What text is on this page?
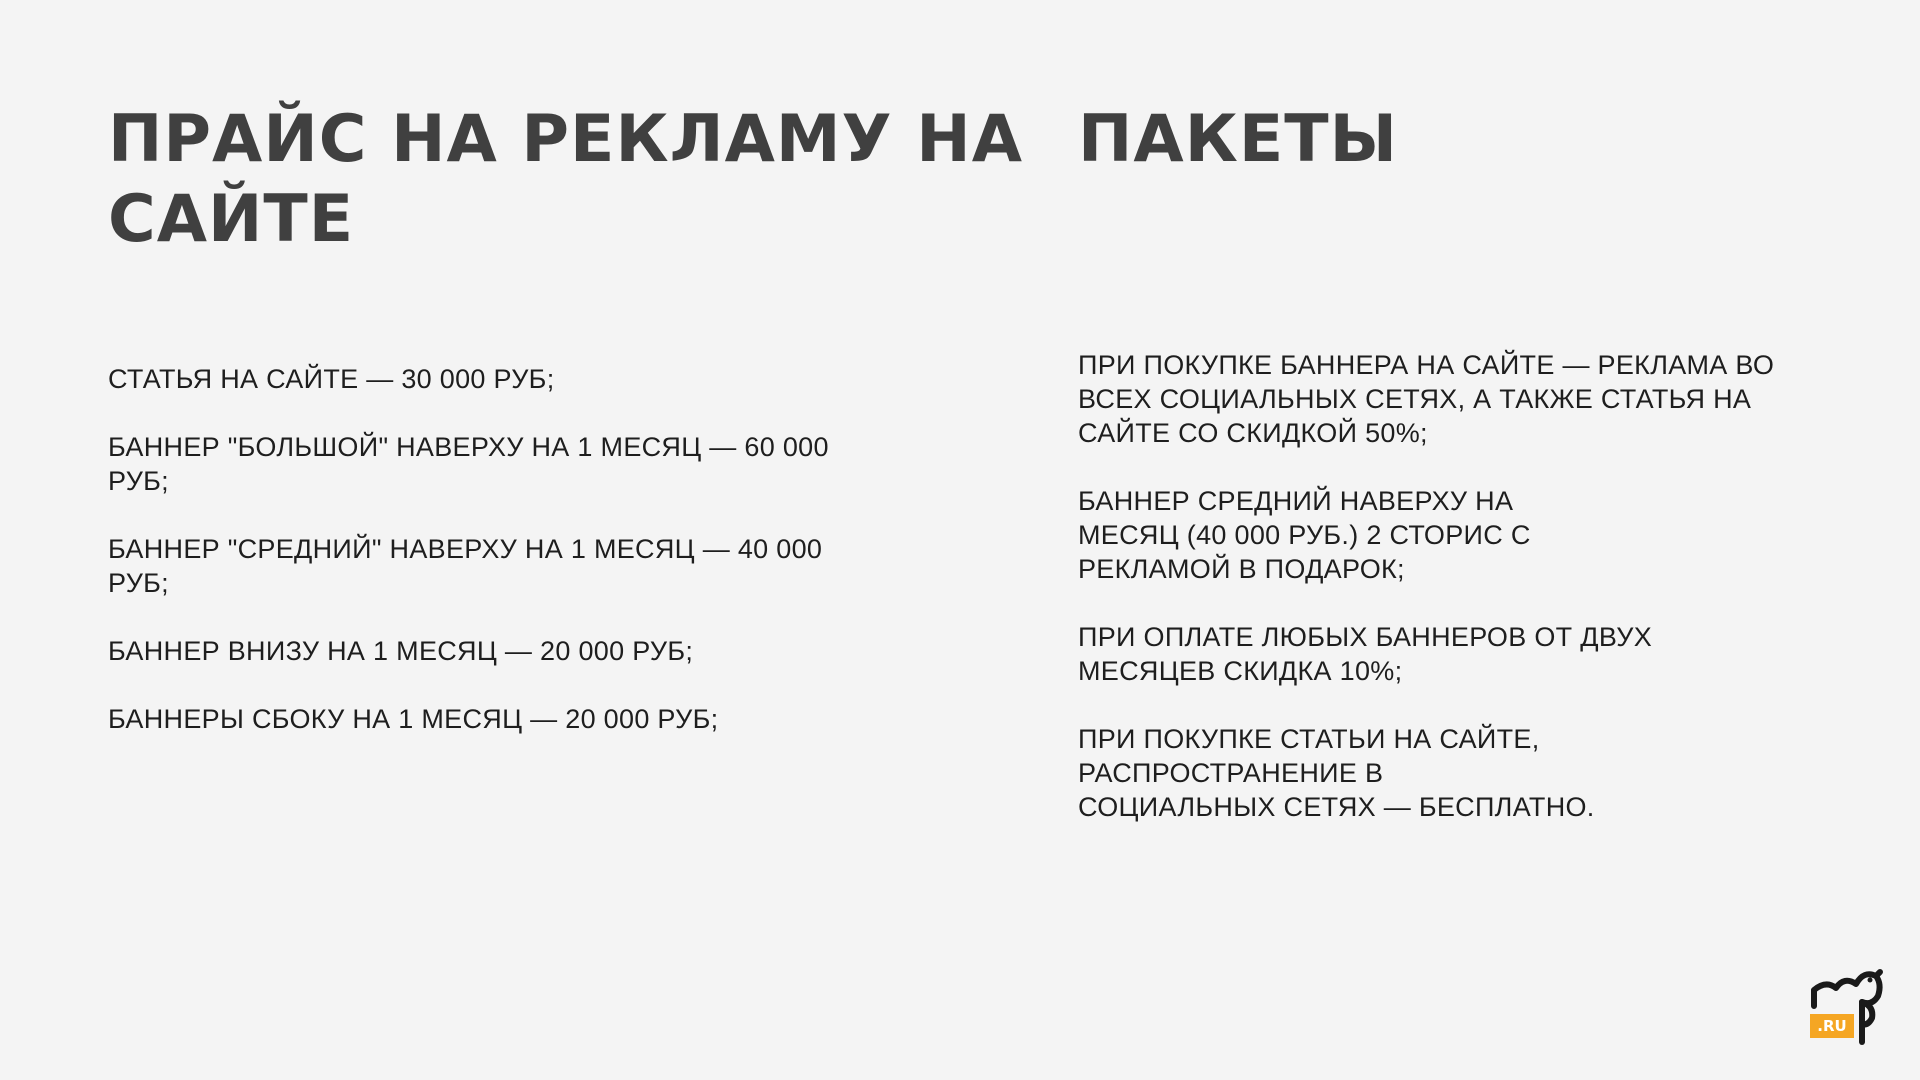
ПРАЙС НА РЕКЛАМУ НА
САЙТЕ
СТАТЬЯ НА САЙТЕ — 30 000 РУБ;
БАННЕР "БОЛЬШОЙ" НАВЕРХУ НА 1 МЕСЯЦ — 60 000
РУБ;
БАННЕР "СРЕДНИЙ" НАВЕРХУ НА 1 МЕСЯЦ — 40 000
РУБ;
БАННЕР ВНИЗУ НА 1 МЕСЯЦ — 20 000 РУБ;
БАННЕРЫ СБОКУ НА 1 МЕСЯЦ — 20 000 РУБ;
ПАКЕТЫ
ПРИ ПОКУПКЕ БАННЕРА НА САЙТЕ — РЕКЛАМА ВО
ВСЕХ СОЦИАЛЬНЫХ СЕТЯХ, А ТАКЖЕ СТАТЬЯ НА
САЙТЕ СО СКИДКОЙ 50%;
БАННЕР СРЕДНИЙ НАВЕРХУ НА
МЕСЯЦ (40 000 РУБ.) 2 СТОРИС С
РЕКЛАМОЙ В ПОДАРОК;
ПРИ ОПЛАТЕ ЛЮБЫХ БАННЕРОВ ОТ ДВУХ
МЕСЯЦЕВ СКИДКА 10%;
ПРИ ПОКУПКЕ СТАТЬИ НА САЙТЕ,
РАСПРОСТРАНЕНИЕ В
СОЦИАЛЬНЫХ СЕТЯХ — БЕСПЛАТНО.
.RU
